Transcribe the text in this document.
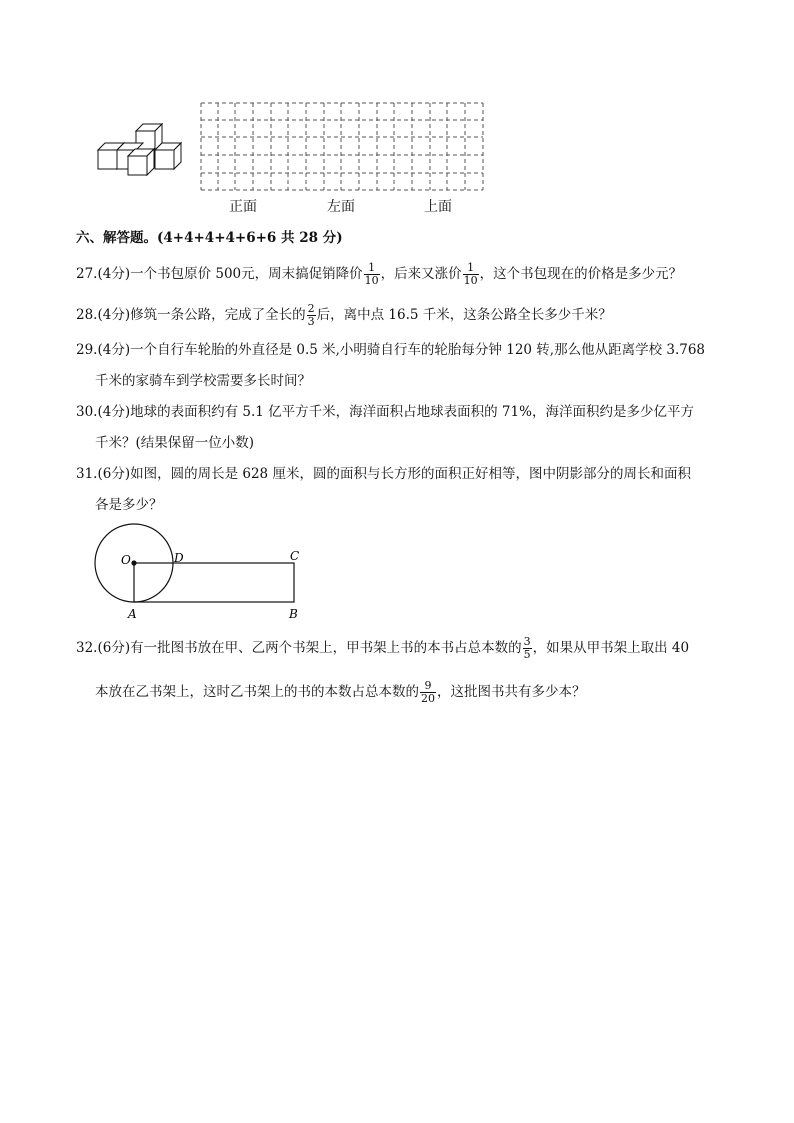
正面	左面	上面
六、解答题。(4+4+4+4+6+6 共 28 分)
27.(4分)一个书包原价 500元，周末搞促销降价 $\frac{1}{10}$ ，后来又涨价 $\frac{1}{10}$ ，这个书包现在的价格是多少元？
28.(4分)修筑一条公路，完成了全长的 $\frac{2}{3}$ 后，离中点 16.5 千米，这条公路全长多少千米？
29.(4分)一个自行车轮胎的外直径是 0.5 米,小明骑自行车的轮胎每分钟 120 转,那么他从距离学校 3.768
千米的家骑车到学校需要多长时间？
30.(4分)地球的表面积约有 5.1 亿平方千米，海洋面积占地球表面积的 71%，海洋面积约是多少亿平方
千米？(结果保留一位小数)
31.(6分)如图，圆的周长是 628 厘米，圆的面积与长方形的面积正好相等，图中阴影部分的周长和面积
各是多少？
O	D	C
A	B
32.(6分)有一批图书放在甲、乙两个书架上，甲书架上书的本书占总本数的 $\frac{3}{5}$ ，如果从甲书架上取出 40
本放在乙书架上，这时乙书架上的书的本数占总本数的 $\frac{9}{20}$ ，这批图书共有多少本？
